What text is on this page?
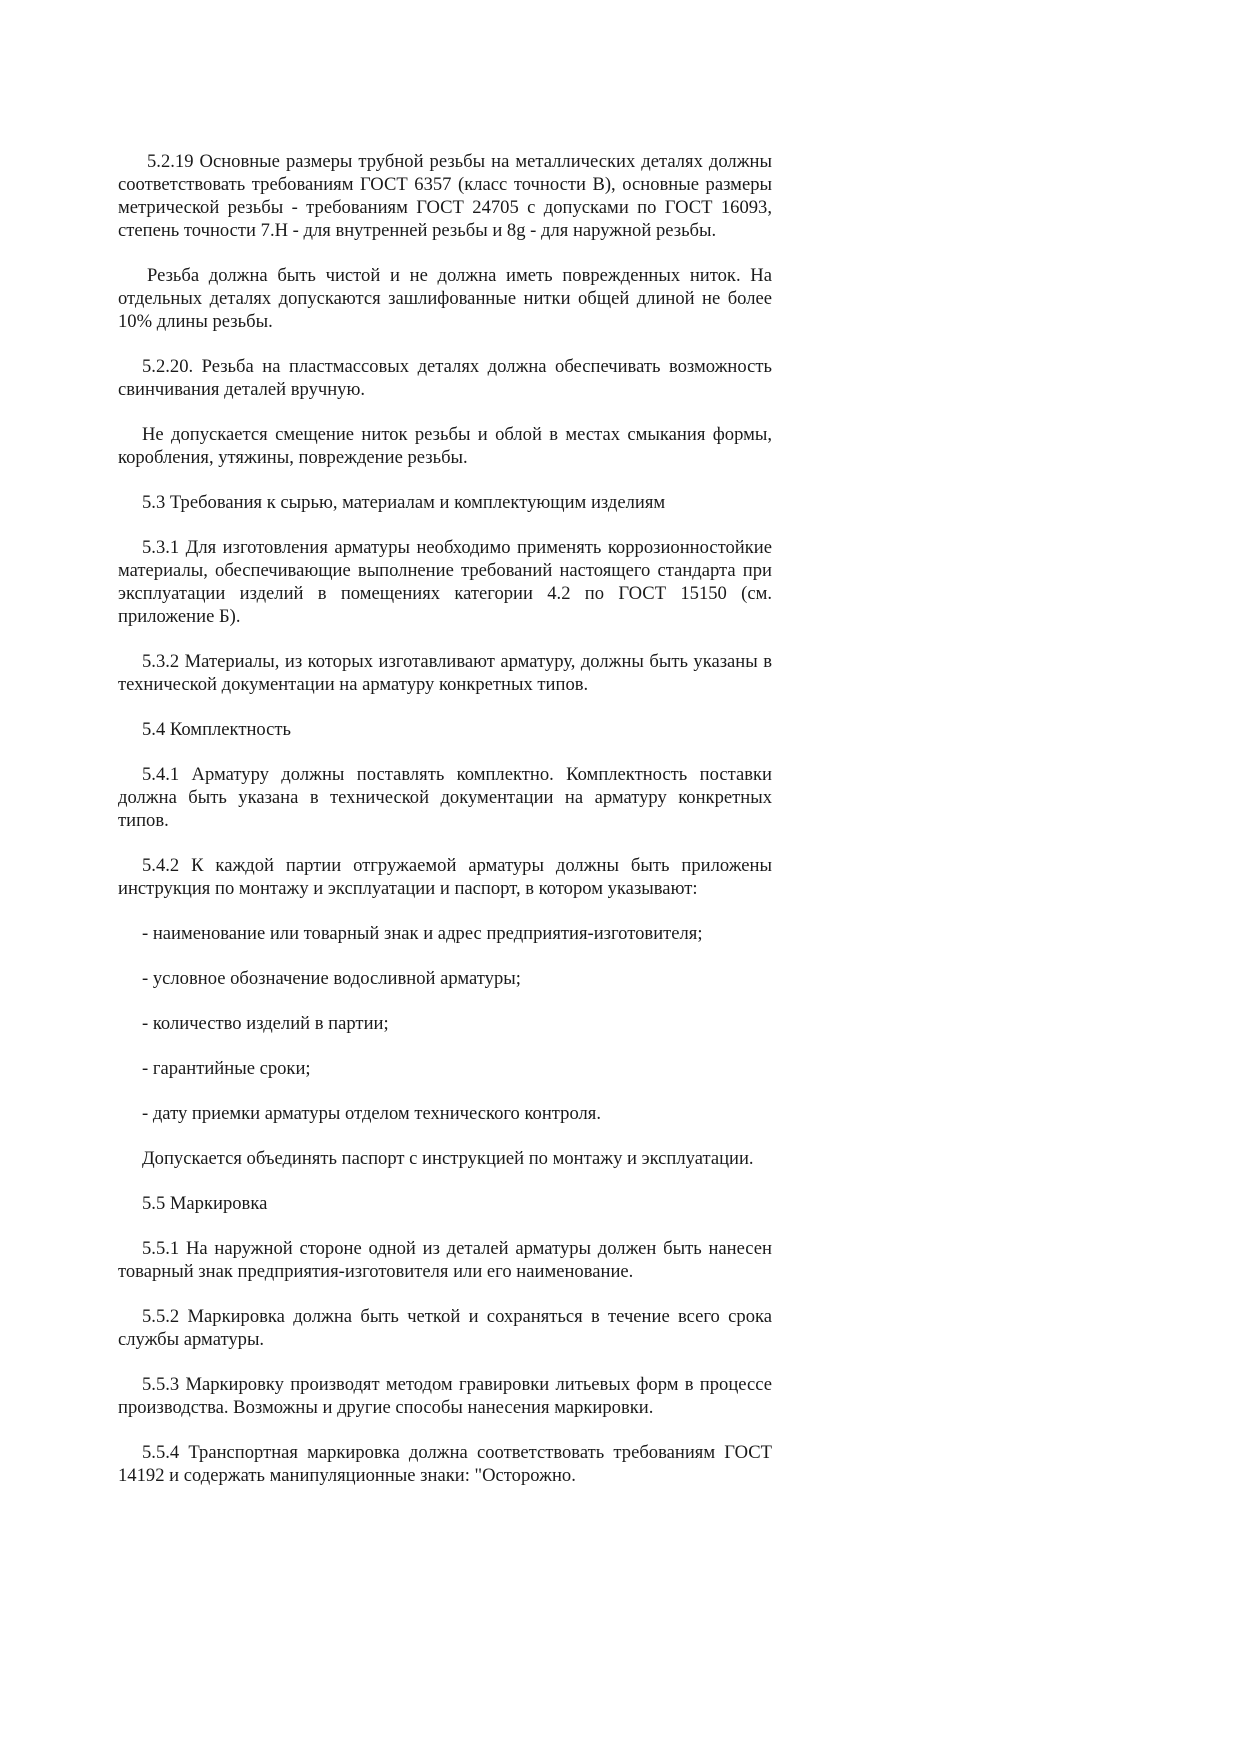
5.2.19 Основные размеры трубной резьбы на металлических деталях должны соответствовать требованиям ГОСТ 6357 (класс точности В), основные размеры метрической резьбы - требованиям ГОСТ 24705 с допусками по ГОСТ 16093, степень точности 7.Н - для внутренней резьбы и 8g - для наружной резьбы.

Резьба должна быть чистой и не должна иметь поврежденных ниток. На отдельных деталях допускаются зашлифованные нитки общей длиной не более 10% длины резьбы.

5.2.20. Резьба на пластмассовых деталях должна обеспечивать возможность свинчивания деталей вручную.

Не допускается смещение ниток резьбы и облой в местах смыкания формы, коробления, утяжины, повреждение резьбы.

5.3 Требования к сырью, материалам и комплектующим изделиям

5.3.1 Для изготовления арматуры необходимо применять коррозионностойкие материалы, обеспечивающие выполнение требований настоящего стандарта при эксплуатации изделий в помещениях категории 4.2 по ГОСТ 15150 (см. приложение Б).

5.3.2 Материалы, из которых изготавливают арматуру, должны быть указаны в технической документации на арматуру конкретных типов.

5.4 Комплектность

5.4.1 Арматуру должны поставлять комплектно. Комплектность поставки должна быть указана в технической документации на арматуру конкретных типов.

5.4.2 К каждой партии отгружаемой арматуры должны быть приложены инструкция по монтажу и эксплуатации и паспорт, в котором указывают:

- наименование или товарный знак и адрес предприятия-изготовителя;

- условное обозначение водосливной арматуры;

- количество изделий в партии;

- гарантийные сроки;

- дату приемки арматуры отделом технического контроля.

Допускается объединять паспорт с инструкцией по монтажу и эксплуатации.

5.5 Маркировка

5.5.1 На наружной стороне одной из деталей арматуры должен быть нанесен товарный знак предприятия-изготовителя или его наименование.

5.5.2 Маркировка должна быть четкой и сохраняться в течение всего срока службы арматуры.

5.5.3 Маркировку производят методом гравировки литьевых форм в процессе производства. Возможны и другие способы нанесения маркировки.

5.5.4 Транспортная маркировка должна соответствовать требованиям ГОСТ 14192 и содержать манипуляционные знаки: "Осторожно.
